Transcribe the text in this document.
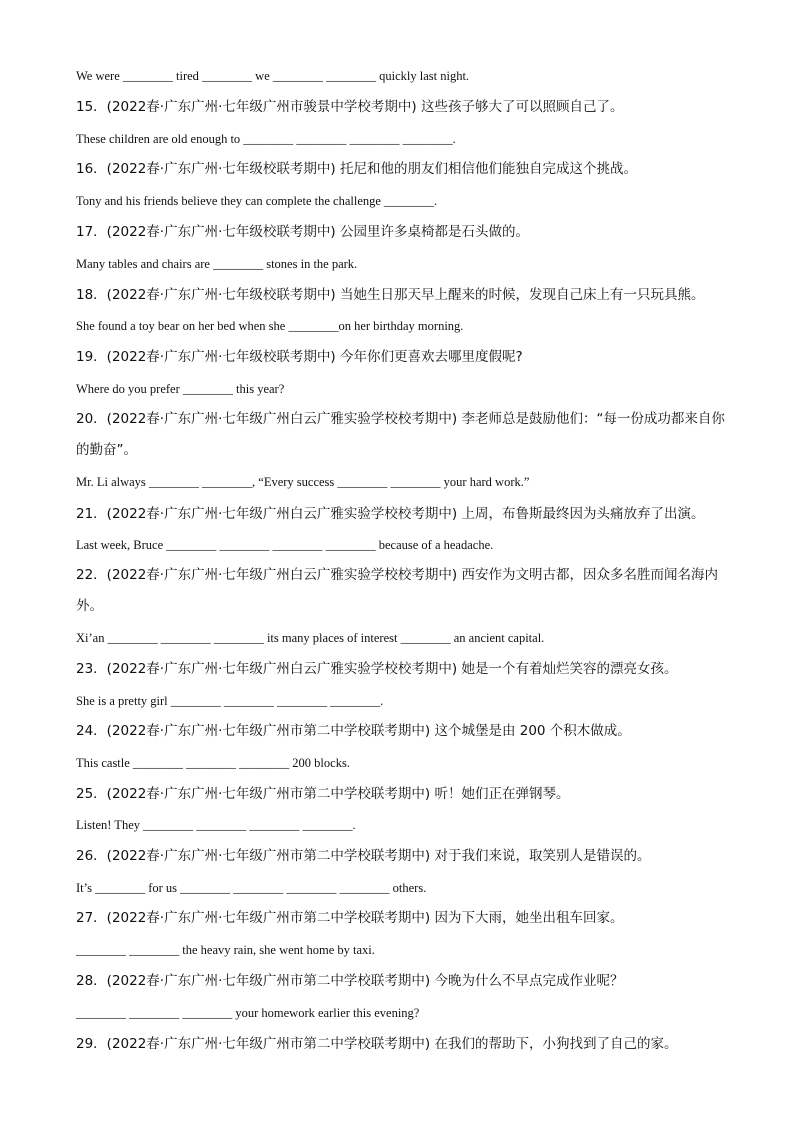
We were ________ tired ________ we ________ ________ quickly last night.
15．(2022春·广东广州·七年级广州市骏景中学校考期中) 这些孩子够大了可以照顾自己了。
These children are old enough to ________ ________ ________ ________.
16．(2022春·广东广州·七年级校联考期中) 托尼和他的朋友们相信他们能独自完成这个挑战。
Tony and his friends believe they can complete the challenge ________.
17．(2022春·广东广州·七年级校联考期中) 公园里许多桌椅都是石头做的。
Many tables and chairs are ________ stones in the park.
18．(2022春·广东广州·七年级校联考期中) 当她生日那天早上醒来的时候，发现自己床上有一只玩具熊。
She found a toy bear on her bed when she ________on her birthday morning.
19．(2022春·广东广州·七年级校联考期中) 今年你们更喜欢去哪里度假呢?
Where do you prefer ________ this year?
20．(2022春·广东广州·七年级广州白云广雅实验学校校考期中) 李老师总是鼓励他们：“每一份成功都来自你的勤奋”。
Mr. Li always ________ ________, “Every success ________ ________ your hard work.”
21．(2022春·广东广州·七年级广州白云广雅实验学校校考期中) 上周，布鲁斯最终因为头痛放弃了出演。
Last week, Bruce ________ ________ ________ ________ because of a headache.
22．(2022春·广东广州·七年级广州白云广雅实验学校校考期中) 西安作为文明古都，因众多名胜而闻名海内外。
Xi’an ________ ________ ________ its many places of interest ________ an ancient capital.
23．(2022春·广东广州·七年级广州白云广雅实验学校校考期中) 她是一个有着灿烂笑容的漂亮女孩。
She is a pretty girl ________ ________ ________ ________.
24．(2022春·广东广州·七年级广州市第二中学校联考期中) 这个城堡是由 200 个积木做成。
This castle ________ ________ ________ 200 blocks.
25．(2022春·广东广州·七年级广州市第二中学校联考期中) 听！她们正在弹钢琴。
Listen! They ________ ________ ________ ________.
26．(2022春·广东广州·七年级广州市第二中学校联考期中) 对于我们来说，取笑别人是错误的。
It’s ________ for us ________ ________ ________ ________ others.
27．(2022春·广东广州·七年级广州市第二中学校联考期中) 因为下大雨，她坐出租车回家。
________ ________ the heavy rain, she went home by taxi.
28．(2022春·广东广州·七年级广州市第二中学校联考期中) 今晚为什么不早点完成作业呢？
________ ________ ________ your homework earlier this evening?
29．(2022春·广东广州·七年级广州市第二中学校联考期中) 在我们的帮助下，小狗找到了自己的家。
